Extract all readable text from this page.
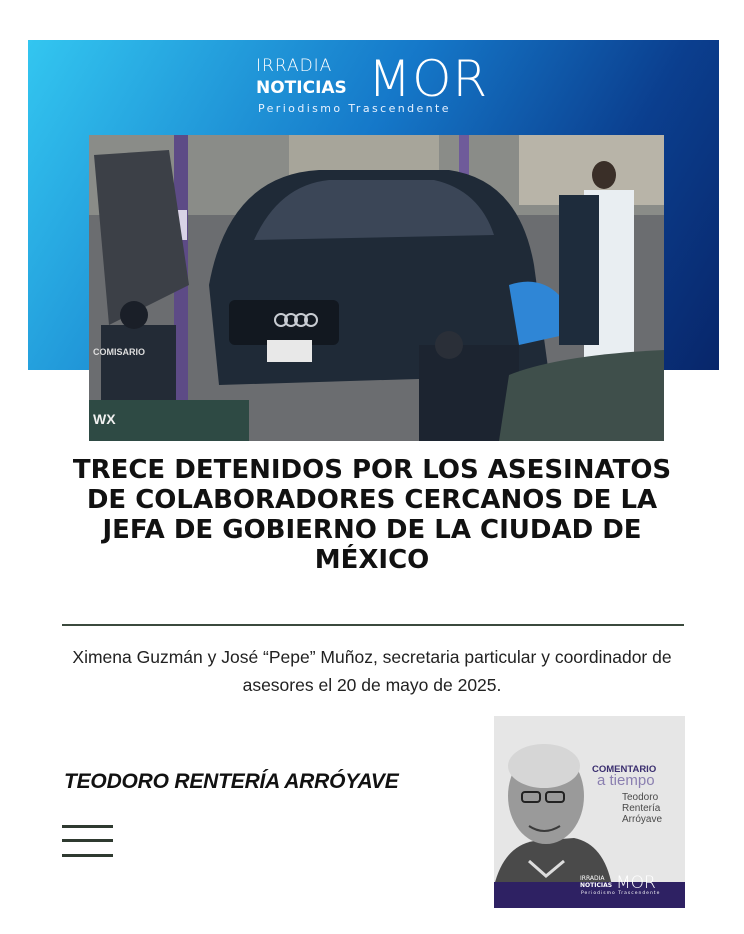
IRRADIA
NOTICIAS MOR
Periodismo Trascendente
COMISARIO
XW
TRECE DETENIDOS POR LOS ASESINATOS DE COLABORADORES CERCANOS DE LA JEFA DE GOBIERNO DE LA CIUDAD DE MÉXICO
Ximena Guzmán y José “Pepe” Muñoz, secretaria particular y coordinador de asesores el 20 de mayo de 2025.
TEODORO RENTERÍA ARRÓYAVE
COMENTARIO
a tiempo
Teodoro
Rentería
Arróyave
IRRADIA
NOTICIAS MOR
Periodismo Trascendente
